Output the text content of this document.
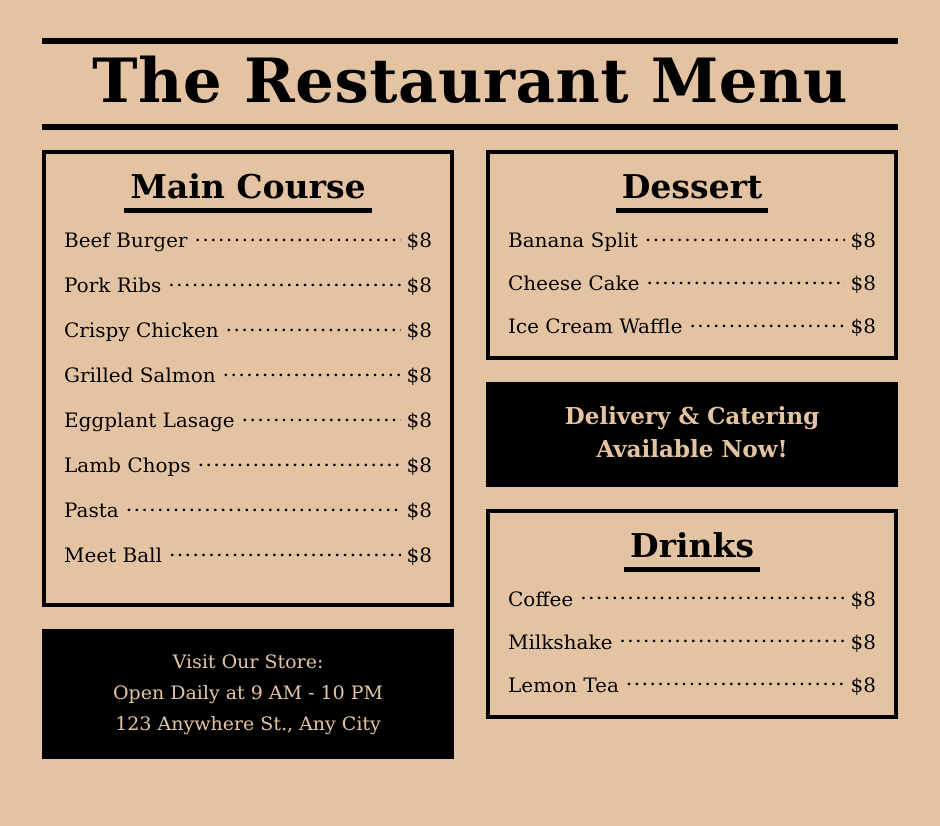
The Restaurant Menu
Main Course
Beef Burger .....	$8
Pork Ribs .....	$8
Crispy Chicken .....	$8
Grilled Salmon .....	$8
Eggplant Lasage .....	$8
Lamb Chops .....	$8
Pasta .....	$8
Meet Ball .....	$8
Visit Our Store:
Open Daily at 9 AM - 10 PM
123 Anywhere St., Any City
Dessert
Banana Split .....	$8
Cheese Cake .....	$8
Ice Cream Waffle .....	$8
Delivery & Catering
Available Now!
Drinks
Coffee .....	$8
Milkshake .....	$8
Lemon Tea .....	$8
